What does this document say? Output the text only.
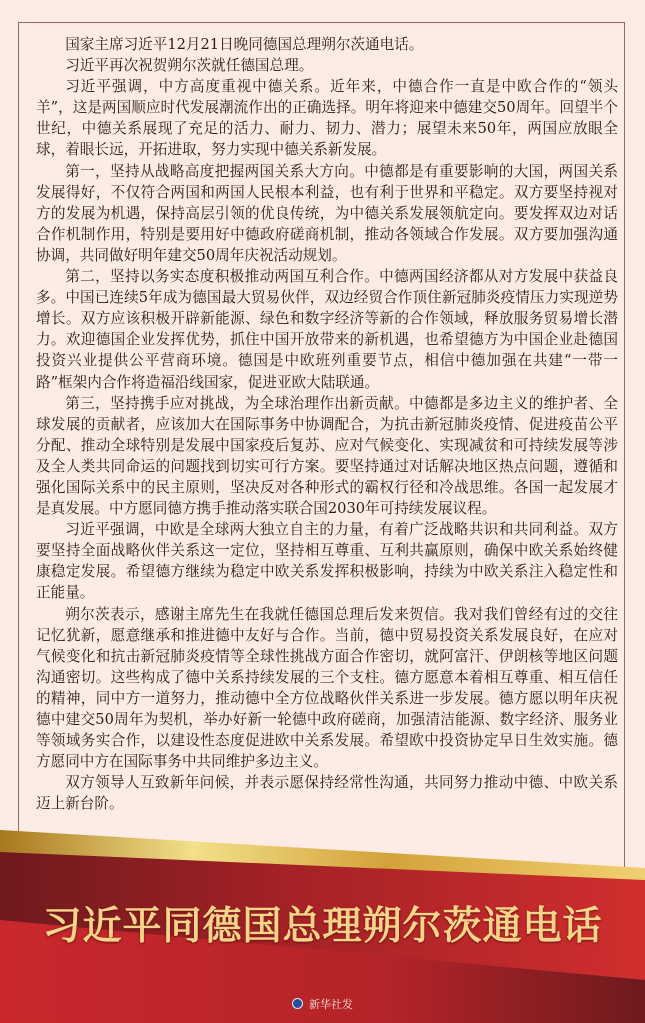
国家主席习近平12月21日晚同德国总理朔尔茨通电话。

习近平再次祝贺朔尔茨就任德国总理。

习近平强调，中方高度重视中德关系。近年来，中德合作一直是中欧合作的“领头羊”，这是两国顺应时代发展潮流作出的正确选择。明年将迎来中德建交50周年。回望半个世纪，中德关系展现了充足的活力、耐力、韧力、潜力；展望未来50年，两国应放眼全球，着眼长远，开拓进取，努力实现中德关系新发展。

第一，坚持从战略高度把握两国关系大方向。中德都是有重要影响的大国，两国关系发展得好，不仅符合两国和两国人民根本利益，也有利于世界和平稳定。双方要坚持视对方的发展为机遇，保持高层引领的优良传统，为中德关系发展领航定向。要发挥双边对话合作机制作用，特别是要用好中德政府磋商机制，推动各领域合作发展。双方要加强沟通协调，共同做好明年建交50周年庆祝活动规划。

第二，坚持以务实态度积极推动两国互利合作。中德两国经济都从对方发展中获益良多。中国已连续5年成为德国最大贸易伙伴，双边经贸合作顶住新冠肺炎疫情压力实现逆势增长。双方应该积极开辟新能源、绿色和数字经济等新的合作领域，释放服务贸易增长潜力。欢迎德国企业发挥优势，抓住中国开放带来的新机遇，也希望德方为中国企业赴德国投资兴业提供公平营商环境。德国是中欧班列重要节点，相信中德加强在共建“一带一路”框架内合作将造福沿线国家，促进亚欧大陆联通。

第三，坚持携手应对挑战，为全球治理作出新贡献。中德都是多边主义的维护者、全球发展的贡献者，应该加大在国际事务中协调配合，为抗击新冠肺炎疫情、促进疫苗公平分配、推动全球特别是发展中国家疫后复苏、应对气候变化、实现减贫和可持续发展等涉及全人类共同命运的问题找到切实可行方案。要坚持通过对话解决地区热点问题，遵循和强化国际关系中的民主原则，坚决反对各种形式的霸权行径和冷战思维。各国一起发展才是真发展。中方愿同德方携手推动落实联合国2030年可持续发展议程。

习近平强调，中欧是全球两大独立自主的力量，有着广泛战略共识和共同利益。双方要坚持全面战略伙伴关系这一定位，坚持相互尊重、互利共赢原则，确保中欧关系始终健康稳定发展。希望德方继续为稳定中欧关系发挥积极影响，持续为中欧关系注入稳定性和正能量。

朔尔茨表示，感谢主席先生在我就任德国总理后发来贺信。我对我们曾经有过的交往记忆犹新，愿意继承和推进德中友好与合作。当前，德中贸易投资关系发展良好，在应对气候变化和抗击新冠肺炎疫情等全球性挑战方面合作密切，就阿富汗、伊朗核等地区问题沟通密切。这些构成了德中关系持续发展的三个支柱。德方愿意本着相互尊重、相互信任的精神，同中方一道努力，推动德中全方位战略伙伴关系进一步发展。德方愿以明年庆祝德中建交50周年为契机，举办好新一轮德中政府磋商，加强清洁能源、数字经济、服务业等领域务实合作，以建设性态度促进欧中关系发展。希望欧中投资协定早日生效实施。德方愿同中方在国际事务中共同维护多边主义。

双方领导人互致新年问候，并表示愿保持经常性沟通，共同努力推动中德、中欧关系迈上新台阶。

习近平同德国总理朔尔茨通电话
新华社发
